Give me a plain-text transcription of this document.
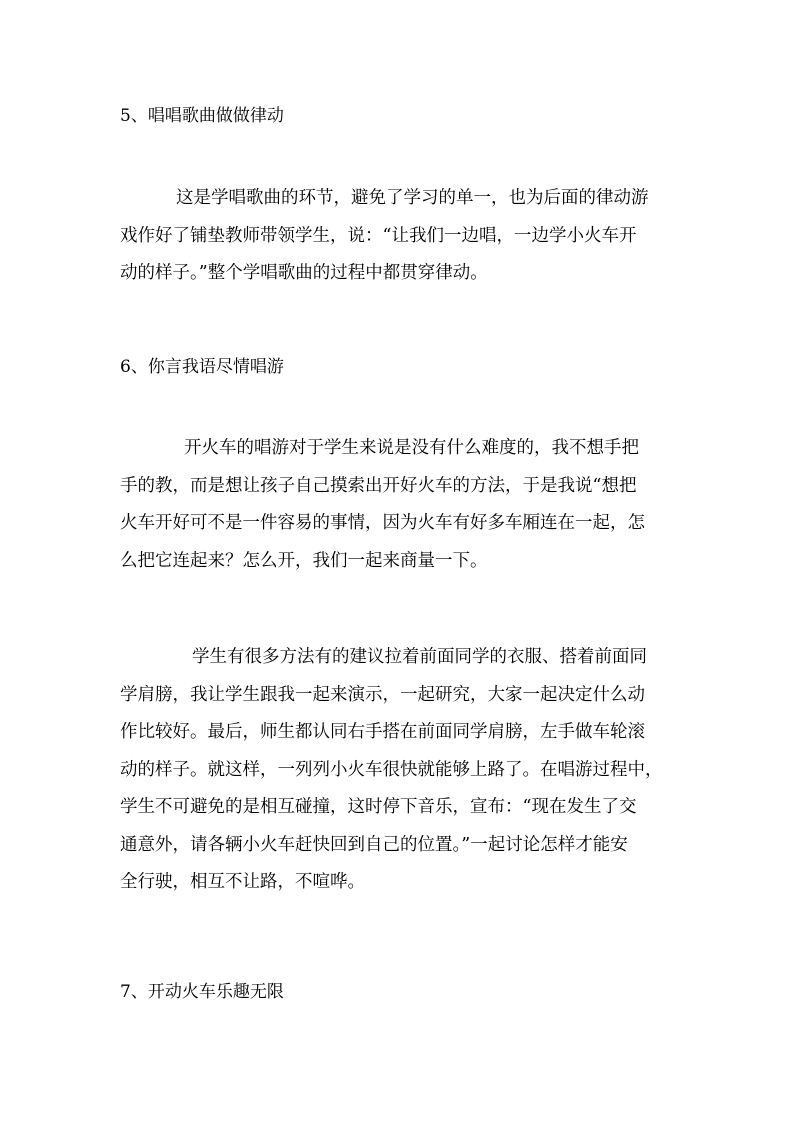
5、唱唱歌曲做做律动
这是学唱歌曲的环节，避免了学习的单一，也为后面的律动游
戏作好了铺垫教师带领学生，说：“让我们一边唱，一边学小火车开
动的样子。”整个学唱歌曲的过程中都贯穿律动。
6、你言我语尽情唱游
开火车的唱游对于学生来说是没有什么难度的，我不想手把
手的教，而是想让孩子自己摸索出开好火车的方法，于是我说“想把
火车开好可不是一件容易的事情，因为火车有好多车厢连在一起，怎
么把它连起来？怎么开，我们一起来商量一下。
学生有很多方法有的建议拉着前面同学的衣服、搭着前面同
学肩膀，我让学生跟我一起来演示，一起研究，大家一起决定什么动
作比较好。最后，师生都认同右手搭在前面同学肩膀，左手做车轮滚
动的样子。就这样，一列列小火车很快就能够上路了。在唱游过程中，
学生不可避免的是相互碰撞，这时停下音乐，宣布：“现在发生了交
通意外，请各辆小火车赶快回到自己的位置。”一起讨论怎样才能安
全行驶，相互不让路，不喧哗。
7、开动火车乐趣无限
